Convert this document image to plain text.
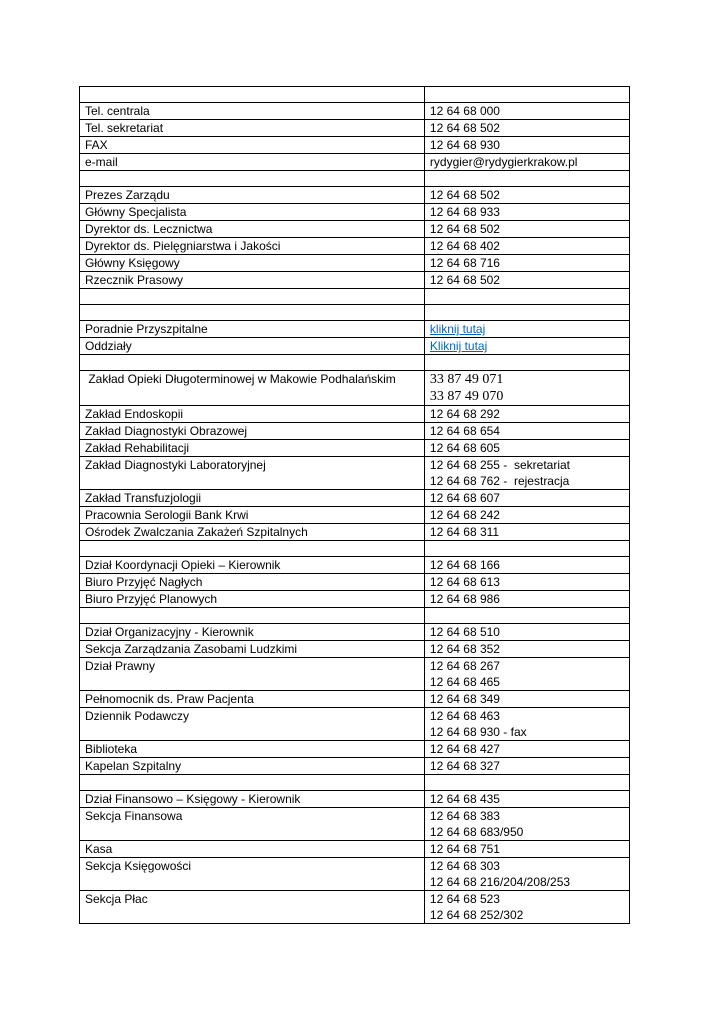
Tel. centrala	12 64 68 000

Tel. sekretariat	12 64 68 502

FAX	12 64 68 930

e-mail	rydygier@rydygierkrakow.pl

Prezes Zarządu	12 64 68 502

Główny Specjalista	12 64 68 933

Dyrektor ds. Lecznictwa	12 64 68 502

Dyrektor ds. Pielęgniarstwa i Jakości	12 64 68 402

Główny Księgowy	12 64 68 716

Rzecznik Prasowy	12 64 68 502

Poradnie Przyszpitalne	kliknij tutaj
Oddziały	Kliknij tutaj

Zakład Opieki Długoterminowej w Makowie Podhalańskim	33 87 49 071
33 87 49 070

Zakład Endoskopii	12 64 68 292

Zakład Diagnostyki Obrazowej	12 64 68 654

Zakład Rehabilitacji	12 64 68 605

Zakład Diagnostyki Laboratoryjnej	12 64 68 255 -  sekretariat
12 64 68 762 -  rejestracja

Zakład Transfuzjologii	12 64 68 607

Pracownia Serologii Bank Krwi	12 64 68 242

Ośrodek Zwalczania Zakażeń Szpitalnych	12 64 68 311

Dział Koordynacji Opieki – Kierownik	12 64 68 166

Biuro Przyjęć Nagłych	12 64 68 613

Biuro Przyjęć Planowych	12 64 68 986

Dział Organizacyjny - Kierownik	12 64 68 510

Sekcja Zarządzania Zasobami Ludzkimi	12 64 68 352

Dział Prawny	12 64 68 267
12 64 68 465

Pełnomocnik ds. Praw Pacjenta	12 64 68 349

Dziennik Podawczy	12 64 68 463
12 64 68 930 - fax

Biblioteka	12 64 68 427

Kapelan Szpitalny	12 64 68 327

Dział Finansowo – Księgowy - Kierownik	12 64 68 435

Sekcja Finansowa	12 64 68 383
12 64 68 683/950

Kasa	12 64 68 751

Sekcja Księgowości	12 64 68 303
12 64 68 216/204/208/253

Sekcja Płac	12 64 68 523
12 64 68 252/302
